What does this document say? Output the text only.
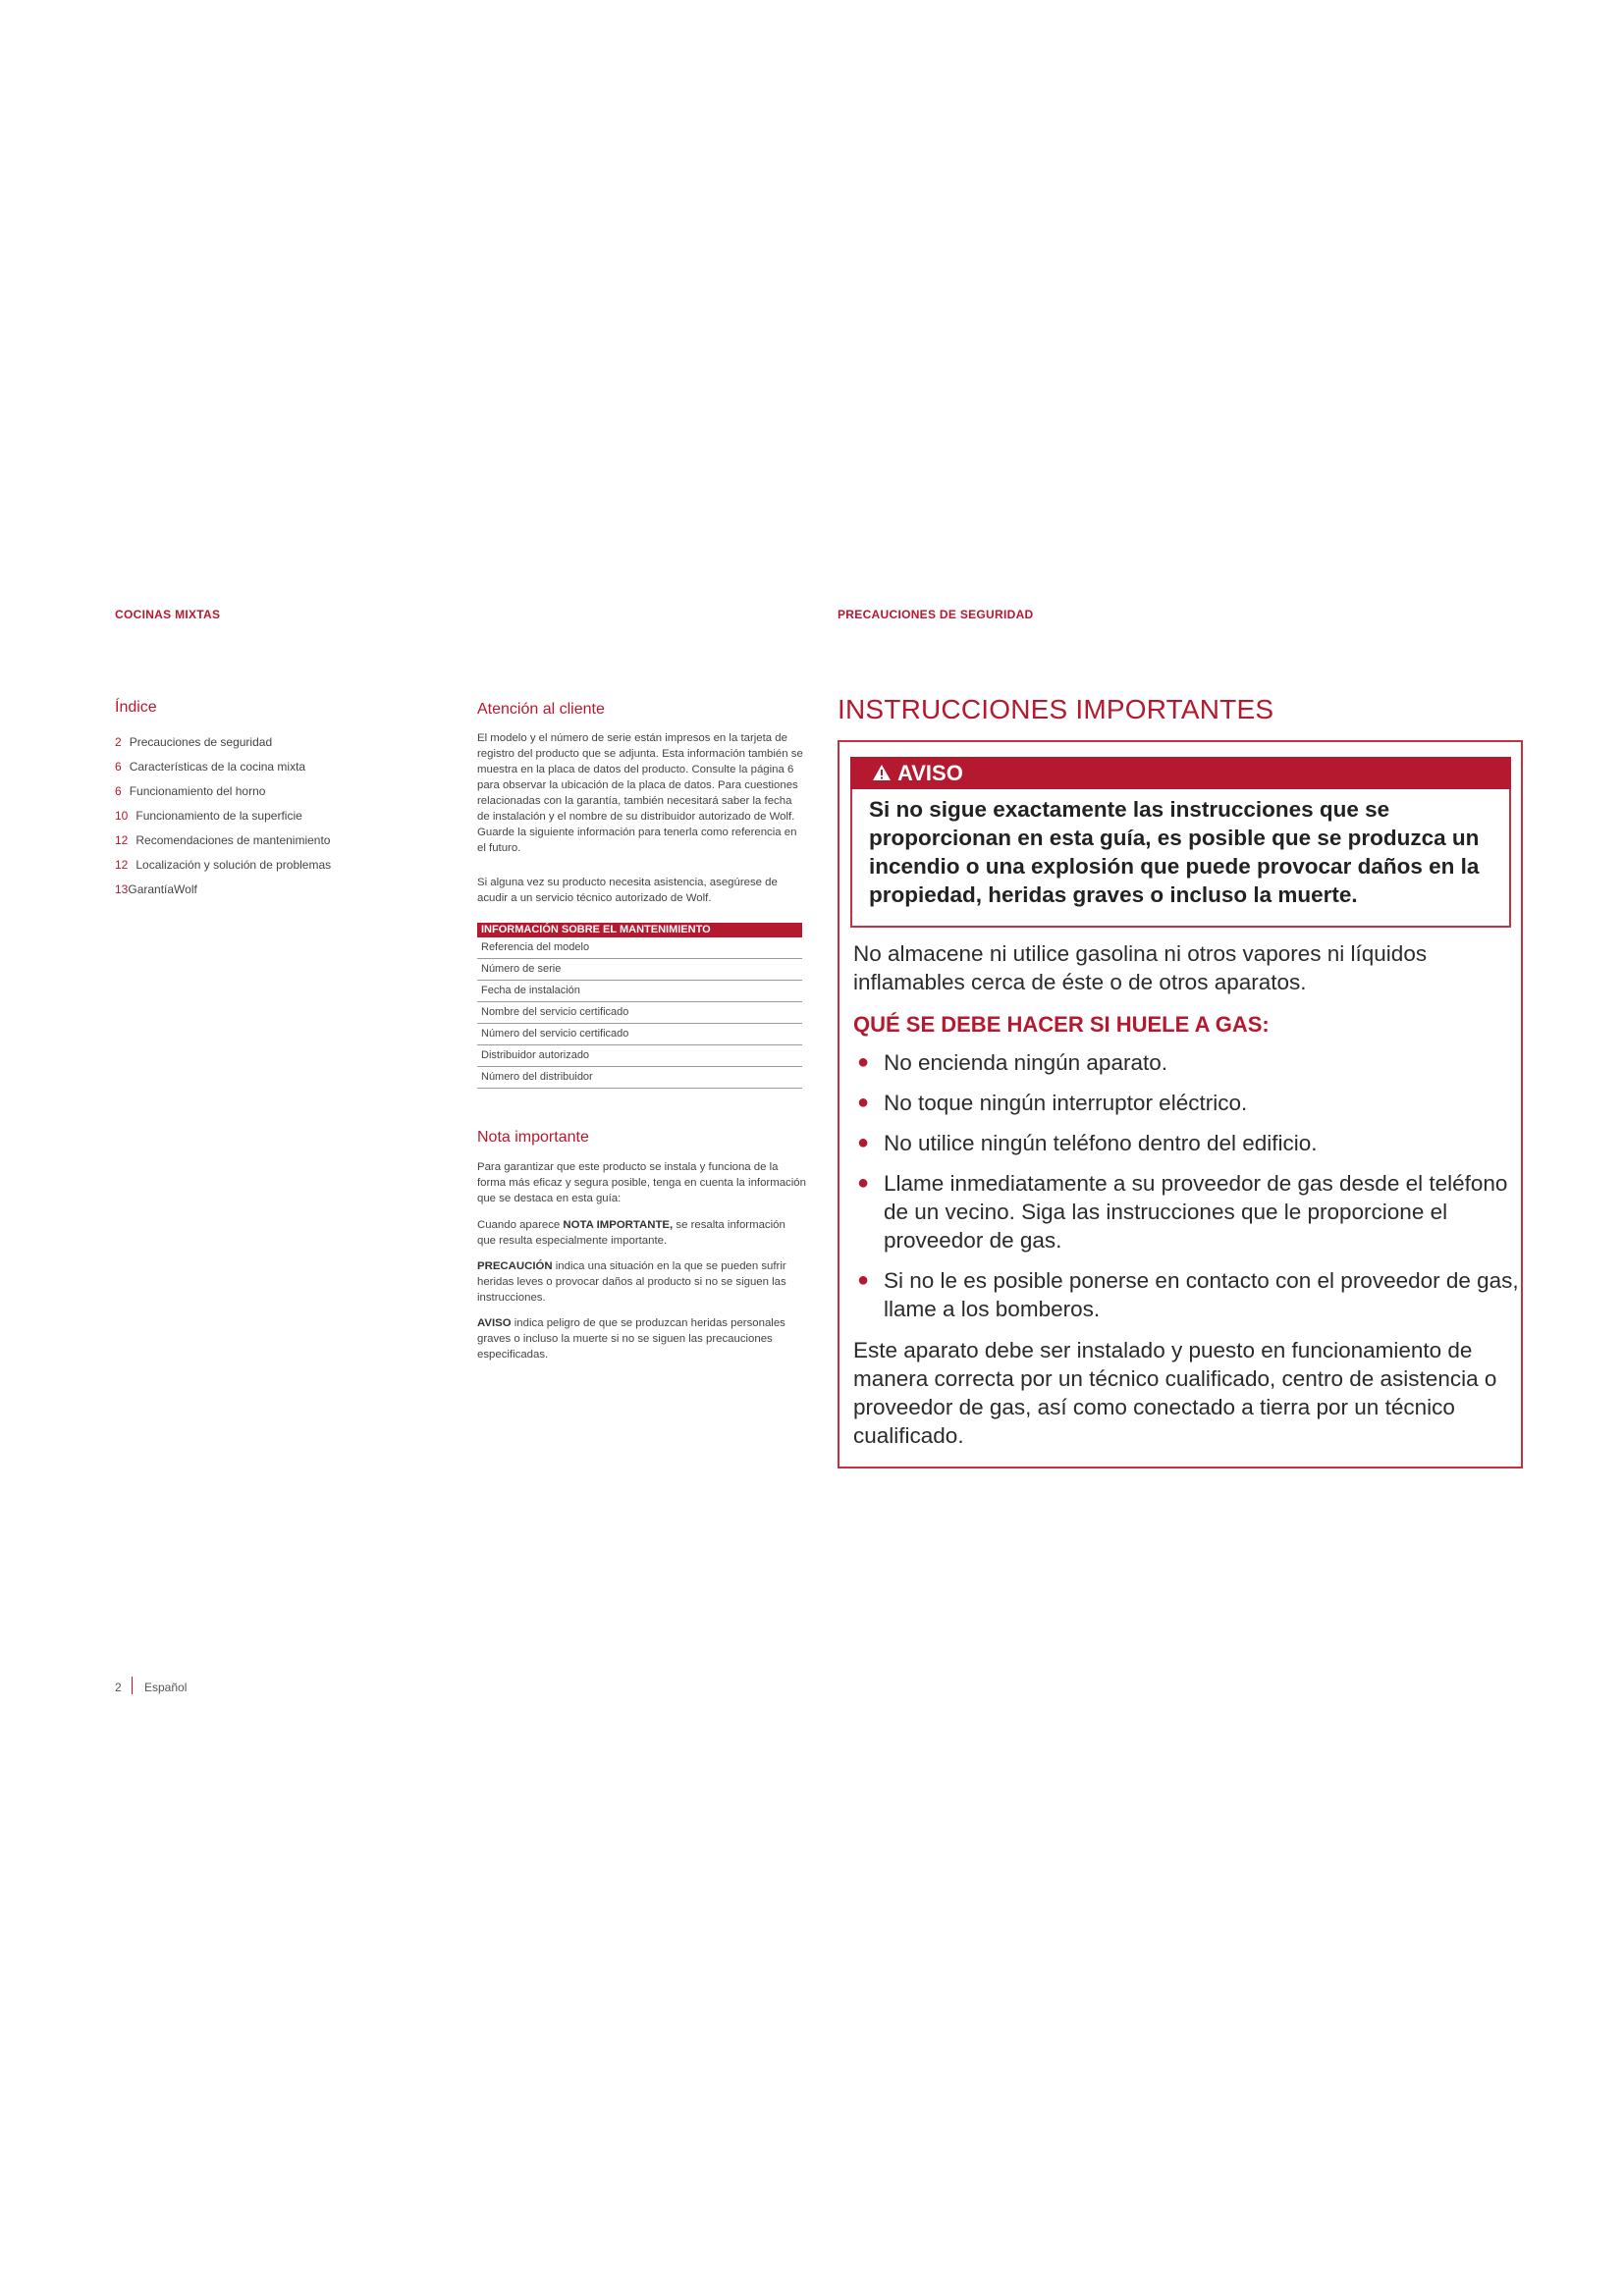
COCINAS MIXTAS	PRECAUCIONES DE SEGURIDAD
Índice
2 Precauciones de seguridad
6 Características de la cocina mixta
6 Funcionamiento del horno
10 Funcionamiento de la superficie
12 Recomendaciones de mantenimiento
12 Localización y solución de problemas
13GarantíaWolf
Atención al cliente

El modelo y el número de serie están impresos en la tarjeta de registro del producto que se adjunta. Esta información también se muestra en la placa de datos del producto. Consulte la página 6 para observar la ubicación de la placa de datos. Para cuestiones relacionadas con la garantía, también necesitará saber la fecha de instalación y el nombre de su distribuidor autorizado de Wolf. Guarde la siguiente información para tenerla como referencia en el futuro.

Si alguna vez su producto necesita asistencia, asegúrese de acudir a un servicio técnico autorizado de Wolf.

INFORMACIÓN SOBRE EL MANTENIMIENTO
Referencia del modelo
Número de serie
Fecha de instalación
Nombre del servicio certificado
Número del servicio certificado
Distribuidor autorizado
Número del distribuidor
Nota importante

Para garantizar que este producto se instala y funciona de la forma más eficaz y segura posible, tenga en cuenta la información que se destaca en esta guía:

Cuando aparece NOTA IMPORTANTE, se resalta información que resulta especialmente importante.

PRECAUCIÓN indica una situación en la que se pueden sufrir heridas leves o provocar daños al producto si no se siguen las instrucciones.

AVISO indica peligro de que se produzcan heridas personales graves o incluso la muerte si no se siguen las precauciones especificadas.

INSTRUCCIONES IMPORTANTES
AVISO

Si no sigue exactamente las instrucciones que se proporcionan en esta guía, es posible que se produzca un incendio o una explosión que puede provocar daños en la propiedad, heridas graves o incluso la muerte.

No almacene ni utilice gasolina ni otros vapores ni líquidos inflamables cerca de éste o de otros aparatos.

QUÉ SE DEBE HACER SI HUELE A GAS:
● No encienda ningún aparato.
● No toque ningún interruptor eléctrico.
● No utilice ningún teléfono dentro del edificio.
● Llame inmediatamente a su proveedor de gas desde el teléfono de un vecino. Siga las instrucciones que le proporcione el proveedor de gas.
● Si no le es posible ponerse en contacto con el proveedor de gas, llame a los bomberos.

Este aparato debe ser instalado y puesto en funcionamiento de manera correcta por un técnico cualificado, centro de asistencia o proveedor de gas, así como conectado a tierra por un técnico cualificado.

2 Español
